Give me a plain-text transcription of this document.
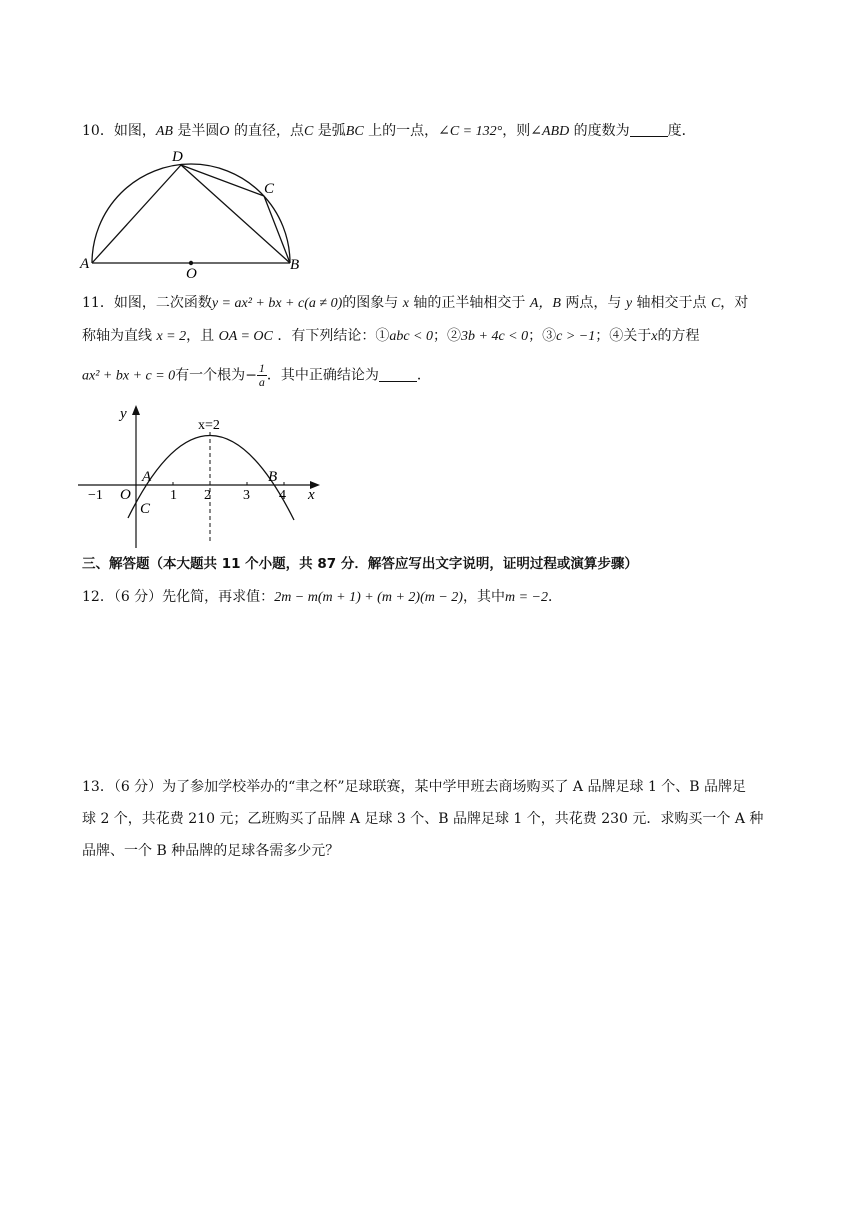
10．如图，AB 是半圆O 的直径，点C 是弧BC 上的一点，∠C = 132°，则∠ABD 的度数为	度．
A	B
C
D
O
11．如图，二次函数y = ax² + bx + c(a ≠ 0)的图象与 x 轴的正半轴相交于 A，B 两点，与 y 轴相交于点 C，对
称轴为直线 x = 2，且 OA = OC ．有下列结论：①abc < 0；②3b + 4c < 0；③c > −1；④关于x的方程
ax² + bx + c = 0有一个根为− $\frac{1}{a}$ ．其中正确结论为	．
y
x
x=2
A	B
O
C
−1	1 2 3 4
三、解答题（本大题共 11 个小题，共 87 分．解答应写出文字说明，证明过程或演算步骤）
12．（6 分）先化简，再求值：2m − m(m + 1) + (m + 2)(m − 2)，其中m = −2．
13．（6 分）为了参加学校举办的“聿之杯”足球联赛，某中学甲班去商场购买了 A 品牌足球 1 个、B 品牌足
球 2 个，共花费 210 元；乙班购买了品牌 A 足球 3 个、B 品牌足球 1 个，共花费 230 元．求购买一个 A 种
品牌、一个 B 种品牌的足球各需多少元？
